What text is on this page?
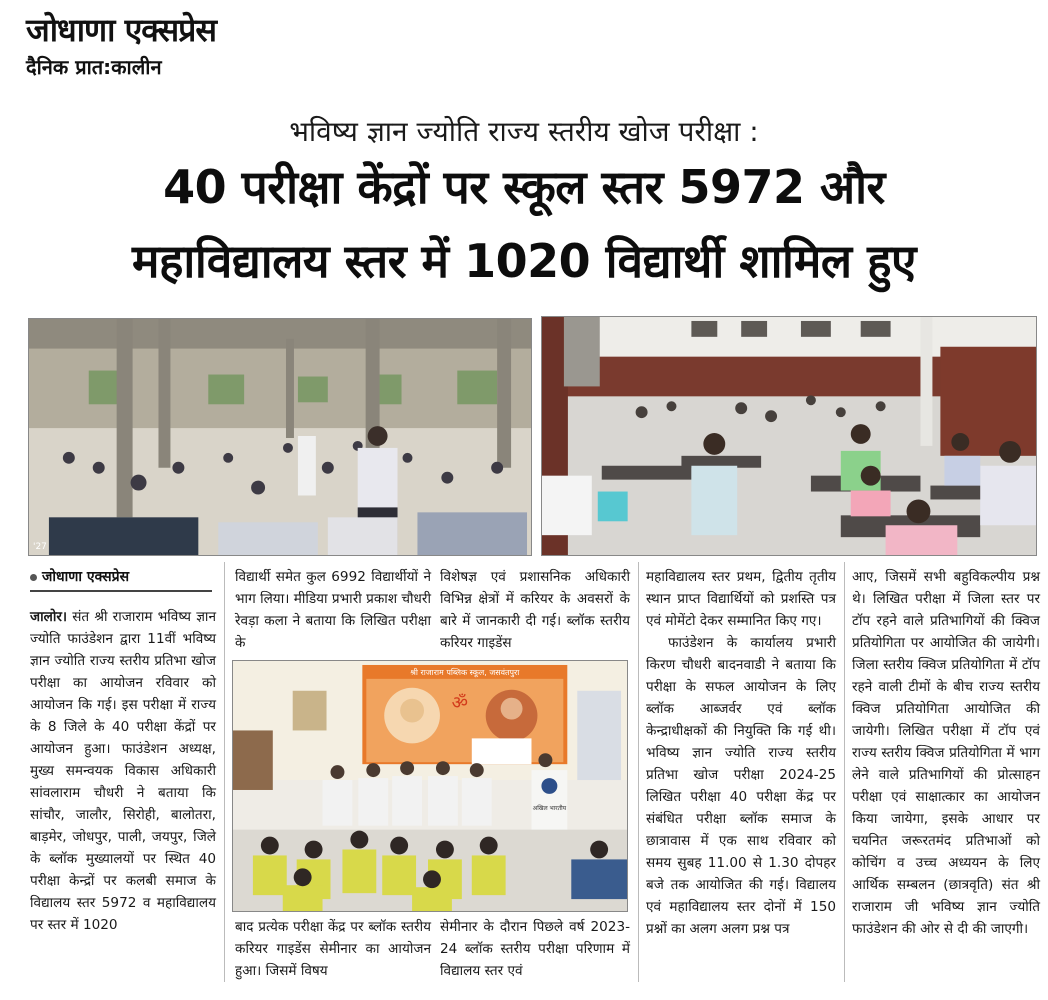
जोधाणा एक्सप्रेस
दैनिक प्रात:कालीन
भविष्य ज्ञान ज्योति राज्य स्तरीय खोज परीक्षा :
40 परीक्षा केंद्रों पर स्कूल स्तर 5972 और
महाविद्यालय स्तर में 1020 विद्यार्थी शामिल हुए
'27
श्री राजाराम पब्लिक स्कूल, जसवंतपुरा
ॐ
अखिल भारतीय
जोधाणा एक्सप्रेस

जालोर। संत श्री राजाराम भविष्य ज्ञान ज्योति फाउंडेशन द्वारा 11वीं भविष्य ज्ञान ज्योति राज्य स्तरीय प्रतिभा खोज परीक्षा का आयोजन रविवार को आयोजन कि गई। इस परीक्षा में राज्य के 8 जिले के 40 परीक्षा केंद्रों पर आयोजन हुआ। फाउंडेशन अध्यक्ष, मुख्य समन्वयक विकास अधिकारी सांवलाराम चौधरी ने बताया कि सांचौर, जालौर, सिरोही, बालोतरा, बाड़मेर, जोधपुर, पाली, जयपुर, जिले के ब्लॉक मुख्यालयों पर स्थित 40 परीक्षा केन्द्रों पर कलबी समाज के विद्यालय स्तर 5972 व महाविद्यालय पर स्तर में 1020

विद्यार्थी समेत कुल 6992 विद्यार्थीयों ने भाग लिया। मीडिया प्रभारी प्रकाश चौधरी रेवड़ा कला ने बताया कि लिखित परीक्षा के
विशेषज्ञ एवं प्रशासनिक अधिकारी विभिन्न क्षेत्रों में करियर के अवसरों के बारे में जानकारी दी गई। ब्लॉक स्तरीय करियर गाइडेंस
बाद प्रत्येक परीक्षा केंद्र पर ब्लॉक स्तरीय करियर गाइडेंस सेमीनार का आयोजन हुआ। जिसमें विषय
सेमीनार के दौरान पिछले वर्ष 2023-24 ब्लॉक स्तरीय परीक्षा परिणाम में विद्यालय स्तर एवं

महाविद्यालय स्तर प्रथम, द्वितीय तृतीय स्थान प्राप्त विद्यार्थियों को प्रशस्ति पत्र एवं मोमेंटो देकर सम्मानित किए गए।

फाउंडेशन के कार्यालय प्रभारी किरण चौधरी बादनवाडी ने बताया कि परीक्षा के सफल आयोजन के लिए ब्लॉक आब्जर्वर एवं ब्लॉक केन्द्राधीक्षकों की नियुक्ति कि गई थी। भविष्य ज्ञान ज्योति राज्य स्तरीय प्रतिभा खोज परीक्षा 2024-25 लिखित परीक्षा 40 परीक्षा केंद्र पर संबंधित परीक्षा ब्लॉक समाज के छात्रावास में एक साथ रविवार को समय सुबह 11.00 से 1.30 दोपहर बजे तक आयोजित की गई। विद्यालय एवं महाविद्यालय स्तर दोनों में 150 प्रश्नों का अलग अलग प्रश्न पत्र

आए, जिसमें सभी बहुविकल्पीय प्रश्न थे। लिखित परीक्षा में जिला स्तर पर टॉप रहने वाले प्रतिभागियों की क्विज प्रतियोगिता पर आयोजित की जायेगी। जिला स्तरीय क्विज प्रतियोगिता में टॉप रहने वाली टीमों के बीच राज्य स्तरीय क्विज प्रतियोगिता आयोजित की जायेगी। लिखित परीक्षा में टॉप एवं राज्य स्तरीय क्विज प्रतियोगिता में भाग लेने वाले प्रतिभागियों की प्रोत्साहन परीक्षा एवं साक्षात्कार का आयोजन किया जायेगा, इसके आधार पर चयनित जरूरतमंद प्रतिभाओं को कोचिंग व उच्च अध्ययन के लिए आर्थिक सम्बलन (छात्रवृति) संत श्री राजाराम जी भविष्य ज्ञान ज्योति फाउंडेशन की ओर से दी की जाएगी।
